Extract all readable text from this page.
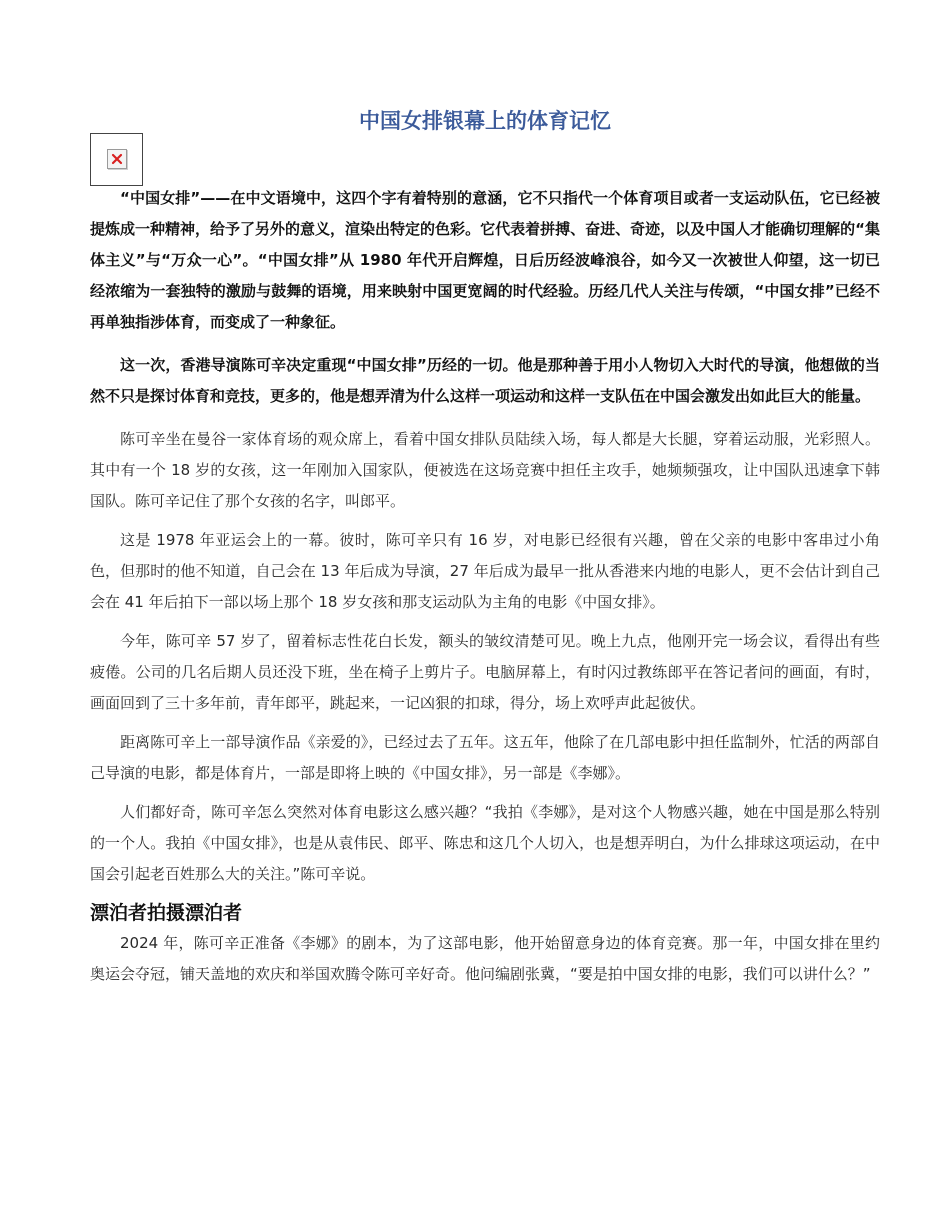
中国女排银幕上的体育记忆

“中国女排”——在中文语境中，这四个字有着特别的意涵，它不只指代一个体育项目或者一支运动队伍，它已经被提炼成一种精神，给予了另外的意义，渲染出特定的色彩。它代表着拼搏、奋进、奇迹，以及中国人才能确切理解的“集体主义”与“万众一心”。“中国女排”从 1980 年代开启辉煌，日后历经波峰浪谷，如今又一次被世人仰望，这一切已经浓缩为一套独特的激励与鼓舞的语境，用来映射中国更宽阔的时代经验。历经几代人关注与传颂，“中国女排”已经不再单独指涉体育，而变成了一种象征。

这一次，香港导演陈可辛决定重现“中国女排”历经的一切。他是那种善于用小人物切入大时代的导演，他想做的当然不只是探讨体育和竞技，更多的，他是想弄清为什么这样一项运动和这样一支队伍在中国会激发出如此巨大的能量。

陈可辛坐在曼谷一家体育场的观众席上，看着中国女排队员陆续入场，每人都是大长腿，穿着运动服，光彩照人。其中有一个 18 岁的女孩，这一年刚加入国家队，便被选在这场竞赛中担任主攻手，她频频强攻，让中国队迅速拿下韩国队。陈可辛记住了那个女孩的名字，叫郎平。

这是 1978 年亚运会上的一幕。彼时，陈可辛只有 16 岁，对电影已经很有兴趣，曾在父亲的电影中客串过小角色，但那时的他不知道，自己会在 13 年后成为导演，27 年后成为最早一批从香港来内地的电影人，更不会估计到自己会在 41 年后拍下一部以场上那个 18 岁女孩和那支运动队为主角的电影《中国女排》。

今年，陈可辛 57 岁了，留着标志性花白长发，额头的皱纹清楚可见。晚上九点，他刚开完一场会议，看得出有些疲倦。公司的几名后期人员还没下班，坐在椅子上剪片子。电脑屏幕上，有时闪过教练郎平在答记者问的画面，有时，画面回到了三十多年前，青年郎平，跳起来，一记凶狠的扣球，得分，场上欢呼声此起彼伏。

距离陈可辛上一部导演作品《亲爱的》，已经过去了五年。这五年，他除了在几部电影中担任监制外，忙活的两部自己导演的电影，都是体育片，一部是即将上映的《中国女排》，另一部是《李娜》。

人们都好奇，陈可辛怎么突然对体育电影这么感兴趣？“我拍《李娜》，是对这个人物感兴趣，她在中国是那么特别的一个人。我拍《中国女排》，也是从袁伟民、郎平、陈忠和这几个人切入，也是想弄明白，为什么排球这项运动，在中国会引起老百姓那么大的关注。”陈可辛说。

漂泊者拍摄漂泊者

2024 年，陈可辛正准备《李娜》的剧本，为了这部电影，他开始留意身边的体育竞赛。那一年，中国女排在里约奥运会夺冠，铺天盖地的欢庆和举国欢腾令陈可辛好奇。他问编剧张冀，“要是拍中国女排的电影，我们可以讲什么？”
